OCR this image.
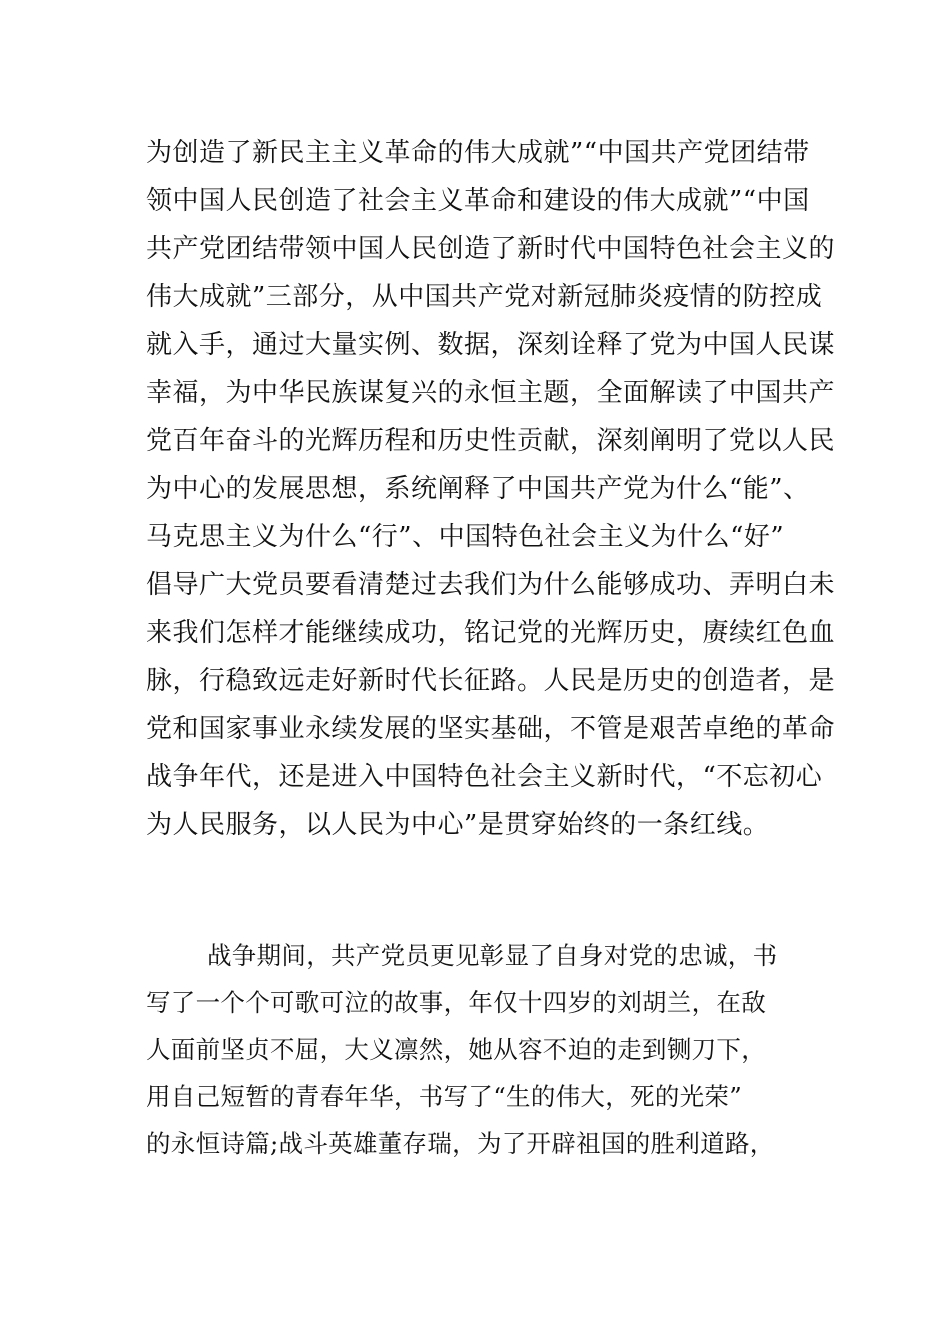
为创造了新民主主义革命的伟大成就”“中国共产党团结带
领中国人民创造了社会主义革命和建设的伟大成就”“中国
共产党团结带领中国人民创造了新时代中国特色社会主义的
伟大成就”三部分，从中国共产党对新冠肺炎疫情的防控成
就入手，通过大量实例、数据，深刻诠释了党为中国人民谋
幸福，为中华民族谋复兴的永恒主题，全面解读了中国共产
党百年奋斗的光辉历程和历史性贡献，深刻阐明了党以人民
为中心的发展思想，系统阐释了中国共产党为什么“能”、
马克思主义为什么“行”、中国特色社会主义为什么“好”
倡导广大党员要看清楚过去我们为什么能够成功、弄明白未
来我们怎样才能继续成功，铭记党的光辉历史，赓续红色血
脉，行稳致远走好新时代长征路。人民是历史的创造者，是
党和国家事业永续发展的坚实基础，不管是艰苦卓绝的革命
战争年代，还是进入中国特色社会主义新时代，“不忘初心
为人民服务，以人民为中心”是贯穿始终的一条红线。
战争期间，共产党员更见彰显了自身对党的忠诚，书
写了一个个可歌可泣的故事，年仅十四岁的刘胡兰，在敌
人面前坚贞不屈，大义凛然，她从容不迫的走到铡刀下，
用自己短暂的青春年华，书写了“生的伟大，死的光荣”
的永恒诗篇;战斗英雄董存瑞，为了开辟祖国的胜利道路，
